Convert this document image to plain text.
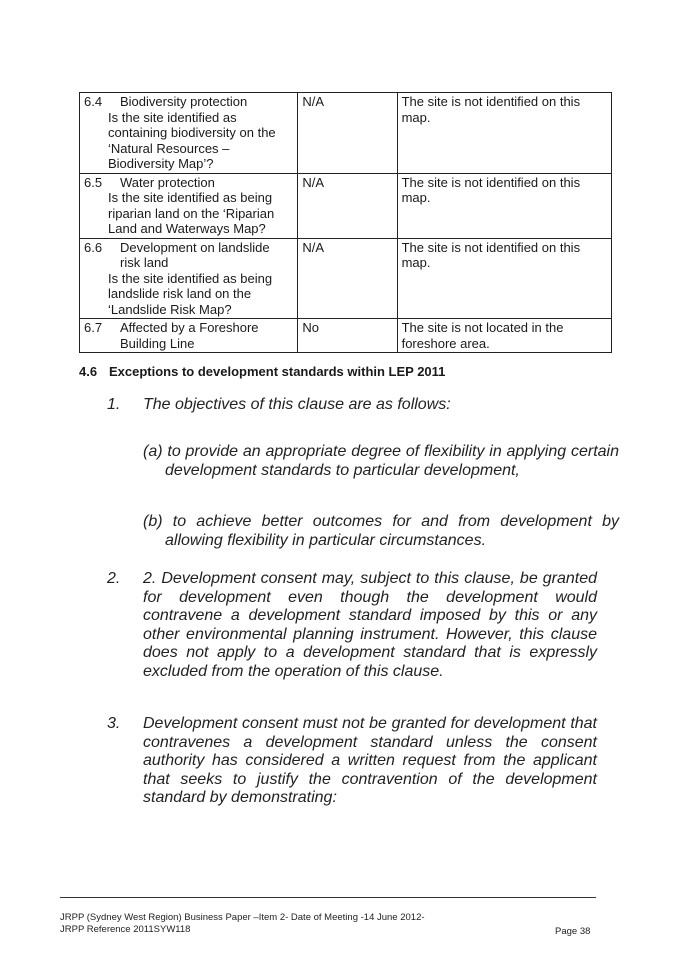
6.4 Biodiversity protection
Is the site identified as containing biodiversity on the ‘Natural Resources – Biodiversity Map’?	N/A	The site is not identified on this map.

6.5 Water protection
Is the site identified as being riparian land on the ‘Riparian Land and Waterways Map?	N/A	The site is not identified on this map.

6.6 Development on landslide risk land
Is the site identified as being landslide risk land on the ‘Landslide Risk Map?	N/A	The site is not identified on this map.

6.7 Affected by a Foreshore Building Line	No	The site is not located in the foreshore area.
4.6 Exceptions to development standards within LEP 2011
1. The objectives of this clause are as follows:
(a) to provide an appropriate degree of flexibility in applying certain development standards to particular development,
(b) to achieve better outcomes for and from development by allowing flexibility in particular circumstances.
2. 2. Development consent may, subject to this clause, be granted for development even though the development would contravene a development standard imposed by this or any other environmental planning instrument. However, this clause does not apply to a development standard that is expressly excluded from the operation of this clause.
3. Development consent must not be granted for development that contravenes a development standard unless the consent authority has considered a written request from the applicant that seeks to justify the contravention of the development standard by demonstrating:
JRPP (Sydney West Region) Business Paper –Item 2- Date of Meeting -14 June 2012-
JRPP Reference 2011SYW118	Page 38
